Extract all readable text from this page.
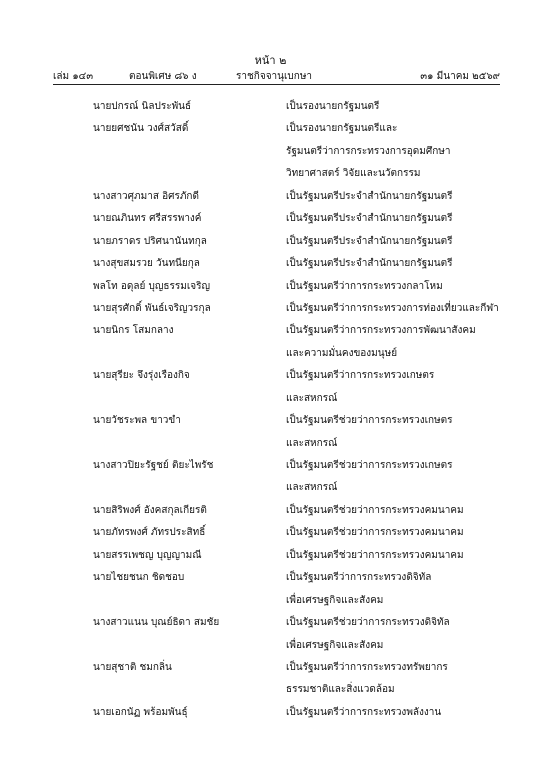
หน้า ๒
เล่ม ๑๔๓	ตอนพิเศษ ๘๖ ง	ราชกิจจานุเบกษา	๓๑ มีนาคม ๒๕๖๙
นายปกรณ์ นิลประพันธ์	เป็นรองนายกรัฐมนตรี
นายยศชนัน วงศ์สวัสดิ์	เป็นรองนายกรัฐมนตรีและ
รัฐมนตรีว่าการกระทรวงการอุดมศึกษา
วิทยาศาสตร์ วิจัยและนวัตกรรม
นางสาวศุภมาส อิศรภักดี	เป็นรัฐมนตรีประจำสำนักนายกรัฐมนตรี
นายณภินทร ศรีสรรพางค์	เป็นรัฐมนตรีประจำสำนักนายกรัฐมนตรี
นายภราดร ปริศนานันทกุล	เป็นรัฐมนตรีประจำสำนักนายกรัฐมนตรี
นางสุขสมรวย วันทนียกุล	เป็นรัฐมนตรีประจำสำนักนายกรัฐมนตรี
พลโท อดุลย์ บุญธรรมเจริญ	เป็นรัฐมนตรีว่าการกระทรวงกลาโหม
นายสุรศักดิ์ พันธ์เจริญวรกุล	เป็นรัฐมนตรีว่าการกระทรวงการท่องเที่ยวและกีฬา
นายนิกร โสมกลาง	เป็นรัฐมนตรีว่าการกระทรวงการพัฒนาสังคม
และความมั่นคงของมนุษย์
นายสุรียะ จึงรุ่งเรืองกิจ	เป็นรัฐมนตรีว่าการกระทรวงเกษตร
และสหกรณ์
นายวัชระพล ขาวขำ	เป็นรัฐมนตรีช่วยว่าการกระทรวงเกษตร
และสหกรณ์
นางสาวปิยะรัฐชย์ ติยะไพรัช	เป็นรัฐมนตรีช่วยว่าการกระทรวงเกษตร
และสหกรณ์
นายสิริพงศ์ อังคสกุลเกียรติ	เป็นรัฐมนตรีช่วยว่าการกระทรวงคมนาคม
นายภัทรพงศ์ ภัทรประสิทธิ์	เป็นรัฐมนตรีช่วยว่าการกระทรวงคมนาคม
นายสรรเพชญ บุญญามณี	เป็นรัฐมนตรีช่วยว่าการกระทรวงคมนาคม
นายไชยชนก ชิดชอบ	เป็นรัฐมนตรีว่าการกระทรวงดิจิทัล
เพื่อเศรษฐกิจและสังคม
นางสาวแนน บุณย์ธิดา สมชัย	เป็นรัฐมนตรีช่วยว่าการกระทรวงดิจิทัล
เพื่อเศรษฐกิจและสังคม
นายสุชาติ ชมกลิ่น	เป็นรัฐมนตรีว่าการกระทรวงทรัพยากร
ธรรมชาติและสิ่งแวดล้อม
นายเอกนัฏ พร้อมพันธุ์	เป็นรัฐมนตรีว่าการกระทรวงพลังงาน
